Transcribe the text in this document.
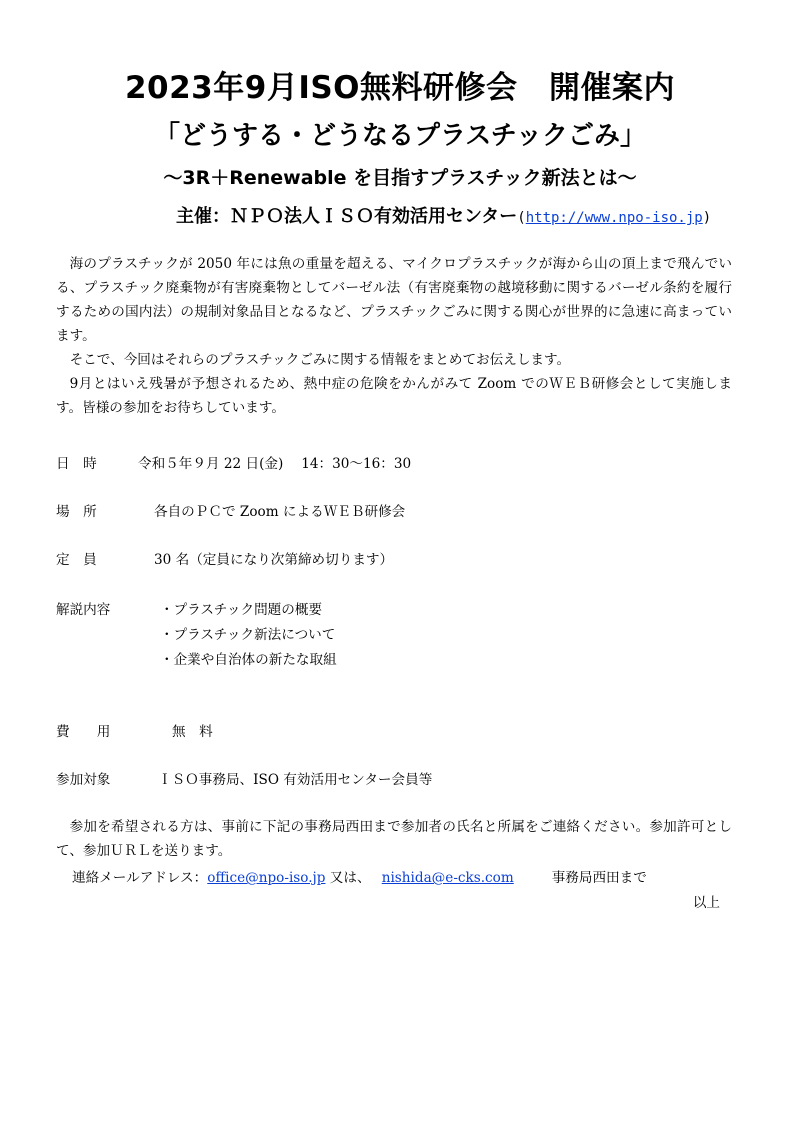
2023年9月ISO無料研修会　開催案内
「どうする・どうなるプラスチックごみ」
～3R＋Renewable を目指すプラスチック新法とは～
主催：ＮＰＯ法人ＩＳＯ有効活用センター(http://www.npo-iso.jp)

海のプラスチックが 2050 年には魚の重量を超える、マイクロプラスチックが海から山の頂上まで飛んでいる、プラスチック廃棄物が有害廃棄物としてバーゼル法（有害廃棄物の越境移動に関するバーゼル条約を履行するための国内法）の規制対象品目となるなど、プラスチックごみに関する関心が世界的に急速に高まっています。

そこで、今回はそれらのプラスチックごみに関する情報をまとめてお伝えします。

9月とはいえ残暑が予想されるため、熱中症の危険をかんがみて Zoom でのＷＥＢ研修会として実施します。皆様の参加をお待ちしています。

日　時	令和５年９月 22 日(金)　 14：30～16：30
場　所	各自のＰＣで Zoom によるＷＥＢ研修会
定　員	30 名（定員になり次第締め切ります）
解説内容	・プラスチック問題の概要
・プラスチック新法について
・企業や自治体の新たな取組
費　　用	無　料
参加対象	ＩＳＯ事務局、ISO 有効活用センター会員等

参加を希望される方は、事前に下記の事務局西田まで参加者の氏名と所属をご連絡ください。参加許可として、参加ＵＲＬを送ります。

連絡メールアドレス：office@npo-iso.jp 又は、　 nishida@e-cks.com	事務局西田まで
以上
